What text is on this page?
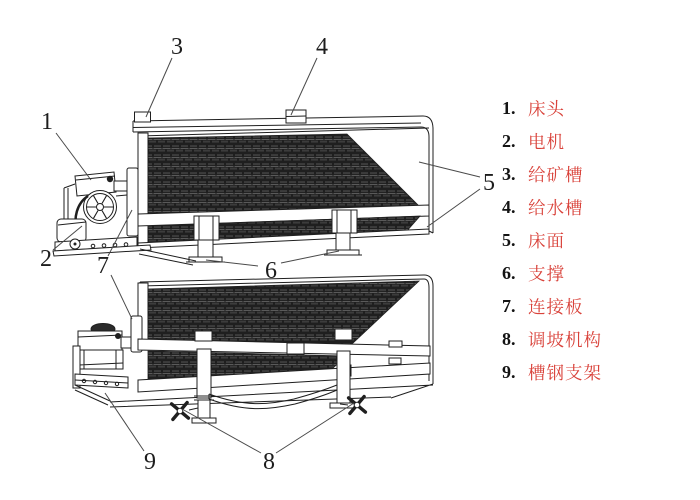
1
2
3	4
5
6
7
8
9
1. 床头
2. 电机
3. 给矿槽
4. 给水槽
5. 床面
6. 支撑
7. 连接板
8. 调坡机构
9. 槽钢支架
